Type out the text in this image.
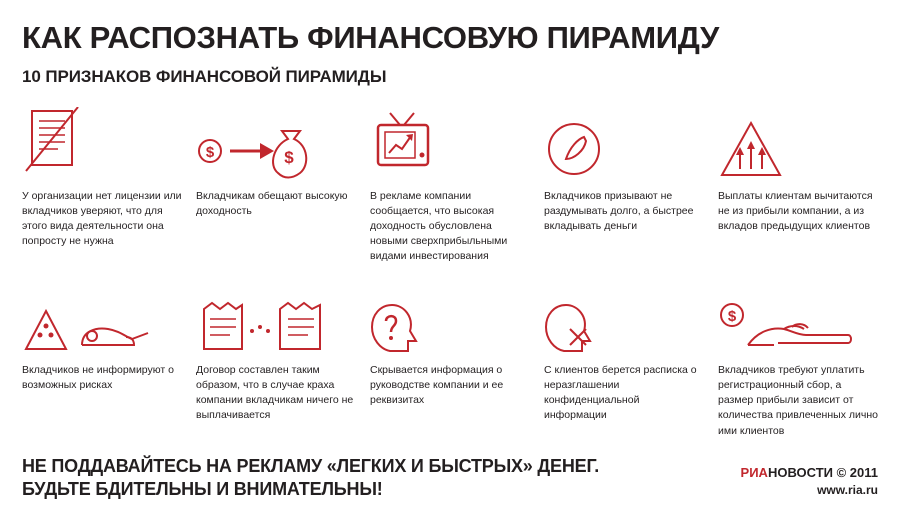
КАК РАСПОЗНАТЬ ФИНАНСОВУЮ ПИРАМИДУ
10 ПРИЗНАКОВ ФИНАНСОВОЙ ПИРАМИДЫ
У организации нет лицензии или вкладчиков уверяют, что для этого вида деятельности она попросту не нужна
$	$
Вкладчикам обещают высокую доходность
В рекламе компании сообщается, что высокая доходность обусловлена новыми сверхприбыльными видами инвестирования
Вкладчиков призывают не раздумывать долго, а быстрее вкладывать деньги
Выплаты клиентам вычитаются не из прибыли компании, а из вкладов предыдущих клиентов
Вкладчиков не информируют о возможных рисках
Договор составлен таким образом, что в случае краха компании вкладчикам ничего не выплачивается
Скрывается информация о руководстве компании и ее реквизитах
С клиентов берется расписка о неразглашении конфиденциальной информации
$
Вкладчиков требуют уплатить регистрационный сбор, а размер прибыли зависит от количества привлеченных лично ими клиентов
НЕ ПОДДАВАЙТЕСЬ НА РЕКЛАМУ «ЛЕГКИХ И БЫСТРЫХ» ДЕНЕГ.
БУДЬТЕ БДИТЕЛЬНЫ И ВНИМАТЕЛЬНЫ!
РИАНОВОСТИ © 2011
www.ria.ru
